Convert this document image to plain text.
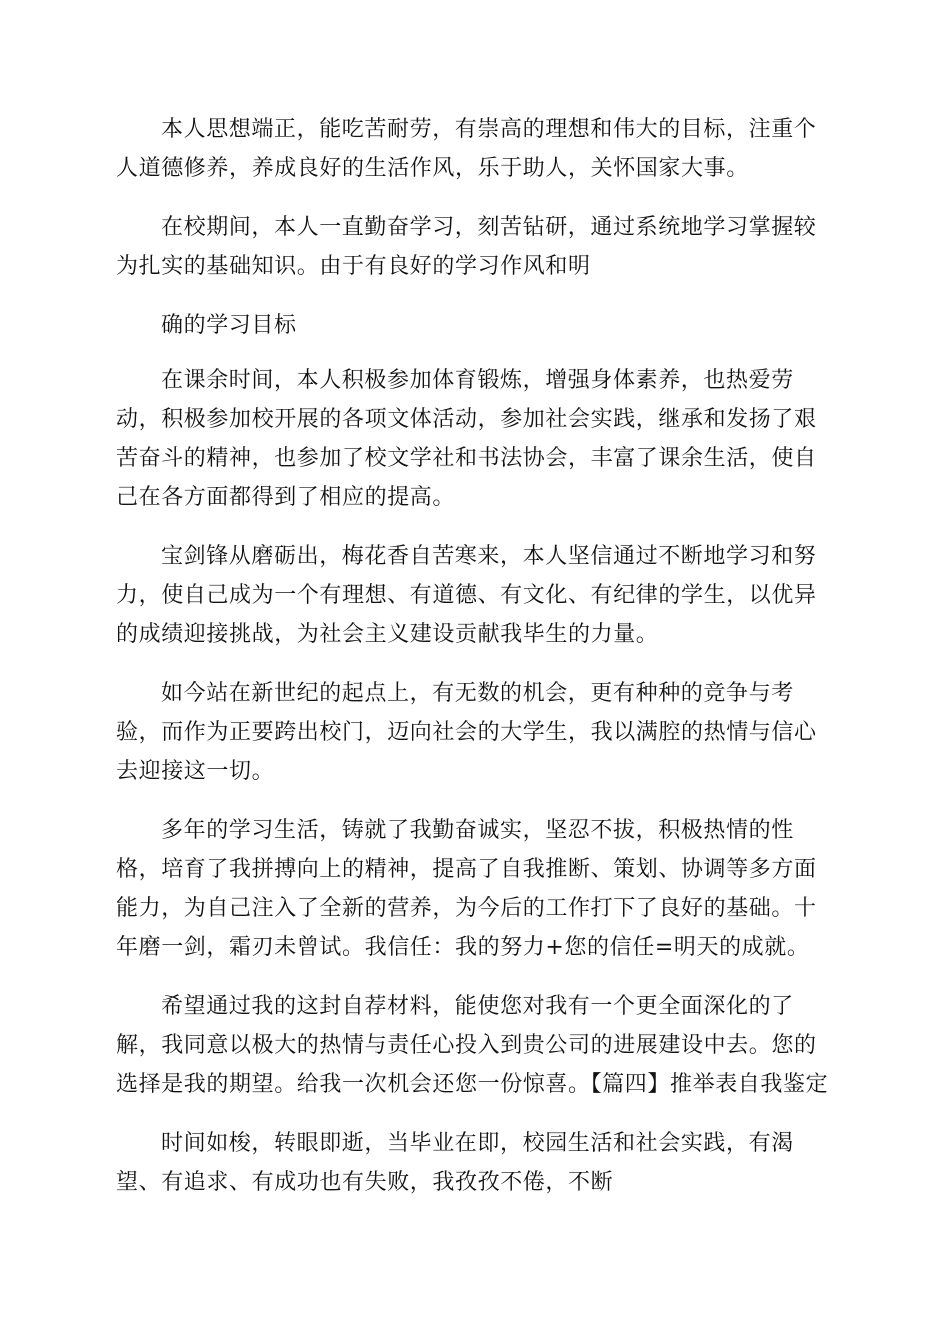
本人思想端正，能吃苦耐劳，有崇高的理想和伟大的目标，注重个人道德修养，养成良好的生活作风，乐于助人，关怀国家大事。

在校期间，本人一直勤奋学习，刻苦钻研，通过系统地学习掌握较为扎实的基础知识。由于有良好的学习作风和明

确的学习目标

在课余时间，本人积极参加体育锻炼，增强身体素养，也热爱劳动，积极参加校开展的各项文体活动，参加社会实践，继承和发扬了艰苦奋斗的精神，也参加了校文学社和书法协会，丰富了课余生活，使自己在各方面都得到了相应的提高。

宝剑锋从磨砺出，梅花香自苦寒来，本人坚信通过不断地学习和努力，使自己成为一个有理想、有道德、有文化、有纪律的学生，以优异的成绩迎接挑战，为社会主义建设贡献我毕生的力量。

如今站在新世纪的起点上，有无数的机会，更有种种的竞争与考验，而作为正要跨出校门，迈向社会的大学生，我以满腔的热情与信心去迎接这一切。

多年的学习生活，铸就了我勤奋诚实，坚忍不拔，积极热情的性格，培育了我拼搏向上的精神，提高了自我推断、策划、协调等多方面能力，为自己注入了全新的营养，为今后的工作打下了良好的基础。十年磨一剑，霜刃未曾试。我信任：我的努力+您的信任=明天的成就。

希望通过我的这封自荐材料，能使您对我有一个更全面深化的了解，我同意以极大的热情与责任心投入到贵公司的进展建设中去。您的选择是我的期望。给我一次机会还您一份惊喜。【篇四】推举表自我鉴定

时间如梭，转眼即逝，当毕业在即，校园生活和社会实践，有渴望、有追求、有成功也有失败，我孜孜不倦，不断
